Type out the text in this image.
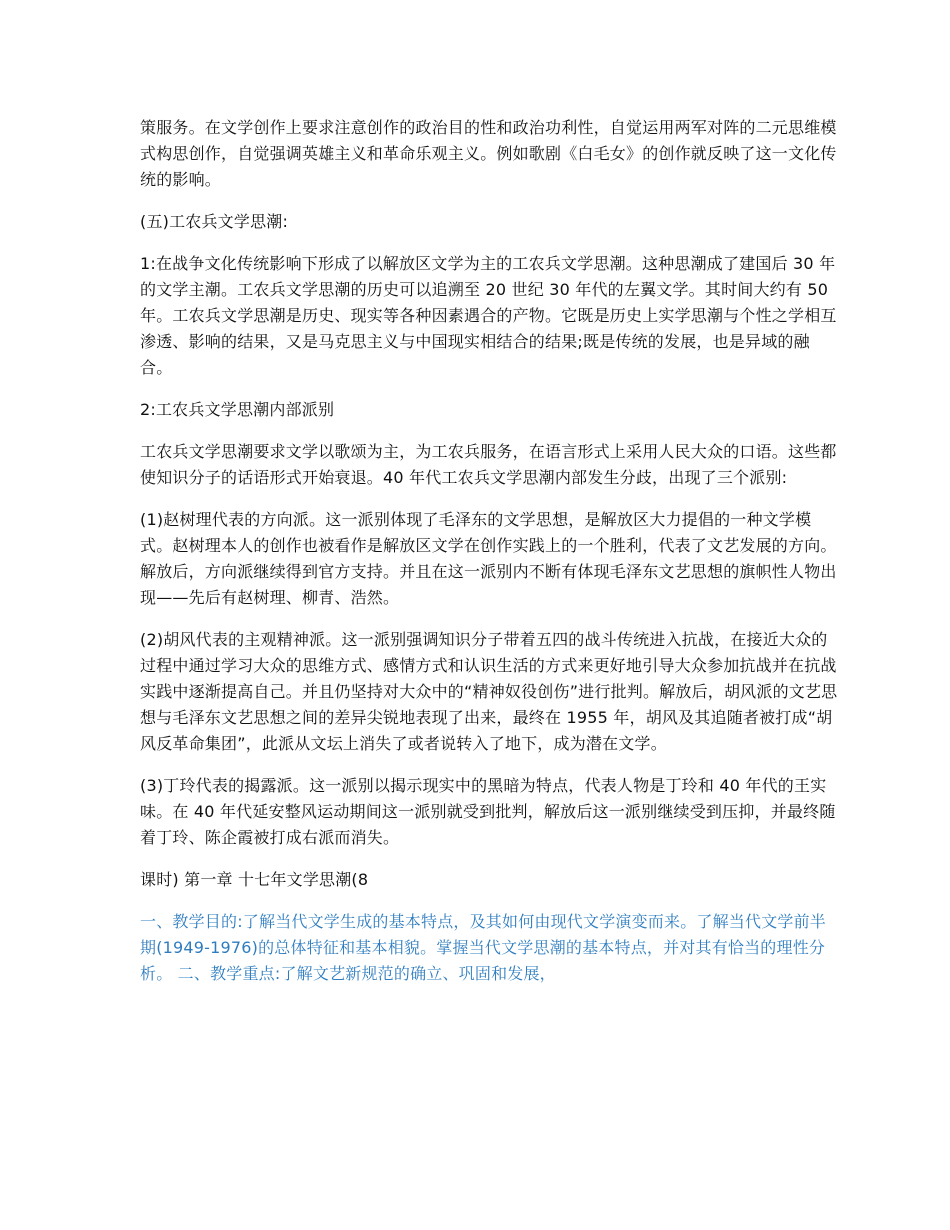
策服务。在文学创作上要求注意创作的政治目的性和政治功利性，自觉运用两军对阵的二元思维模式构思创作，自觉强调英雄主义和革命乐观主义。例如歌剧《白毛女》的创作就反映了这一文化传统的影响。

(五)工农兵文学思潮:

1:在战争文化传统影响下形成了以解放区文学为主的工农兵文学思潮。这种思潮成了建国后 30 年的文学主潮。工农兵文学思潮的历史可以追溯至 20 世纪 30 年代的左翼文学。其时间大约有 50 年。工农兵文学思潮是历史、现实等各种因素遇合的产物。它既是历史上实学思潮与个性之学相互渗透、影响的结果，又是马克思主义与中国现实相结合的结果;既是传统的发展，也是异域的融合。

2:工农兵文学思潮内部派别

工农兵文学思潮要求文学以歌颂为主，为工农兵服务，在语言形式上采用人民大众的口语。这些都使知识分子的话语形式开始衰退。40 年代工农兵文学思潮内部发生分歧，出现了三个派别:

(1)赵树理代表的方向派。这一派别体现了毛泽东的文学思想，是解放区大力提倡的一种文学模式。赵树理本人的创作也被看作是解放区文学在创作实践上的一个胜利，代表了文艺发展的方向。解放后，方向派继续得到官方支持。并且在这一派别内不断有体现毛泽东文艺思想的旗帜性人物出现——先后有赵树理、柳青、浩然。

(2)胡风代表的主观精神派。这一派别强调知识分子带着五四的战斗传统进入抗战，在接近大众的过程中通过学习大众的思维方式、感情方式和认识生活的方式来更好地引导大众参加抗战并在抗战实践中逐渐提高自己。并且仍坚持对大众中的“精神奴役创伤”进行批判。解放后，胡风派的文艺思想与毛泽东文艺思想之间的差异尖锐地表现了出来，最终在 1955 年，胡风及其追随者被打成“胡风反革命集团”，此派从文坛上消失了或者说转入了地下，成为潜在文学。

(3)丁玲代表的揭露派。这一派别以揭示现实中的黑暗为特点，代表人物是丁玲和 40 年代的王实味。在 40 年代延安整风运动期间这一派别就受到批判，解放后这一派别继续受到压抑，并最终随着丁玲、陈企霞被打成右派而消失。

课时) 第一章 十七年文学思潮(8

一、教学目的:了解当代文学生成的基本特点，及其如何由现代文学演变而来。了解当代文学前半期(1949-1976)的总体特征和基本相貌。掌握当代文学思潮的基本特点，并对其有恰当的理性分析。 二、教学重点:了解文艺新规范的确立、巩固和发展，
